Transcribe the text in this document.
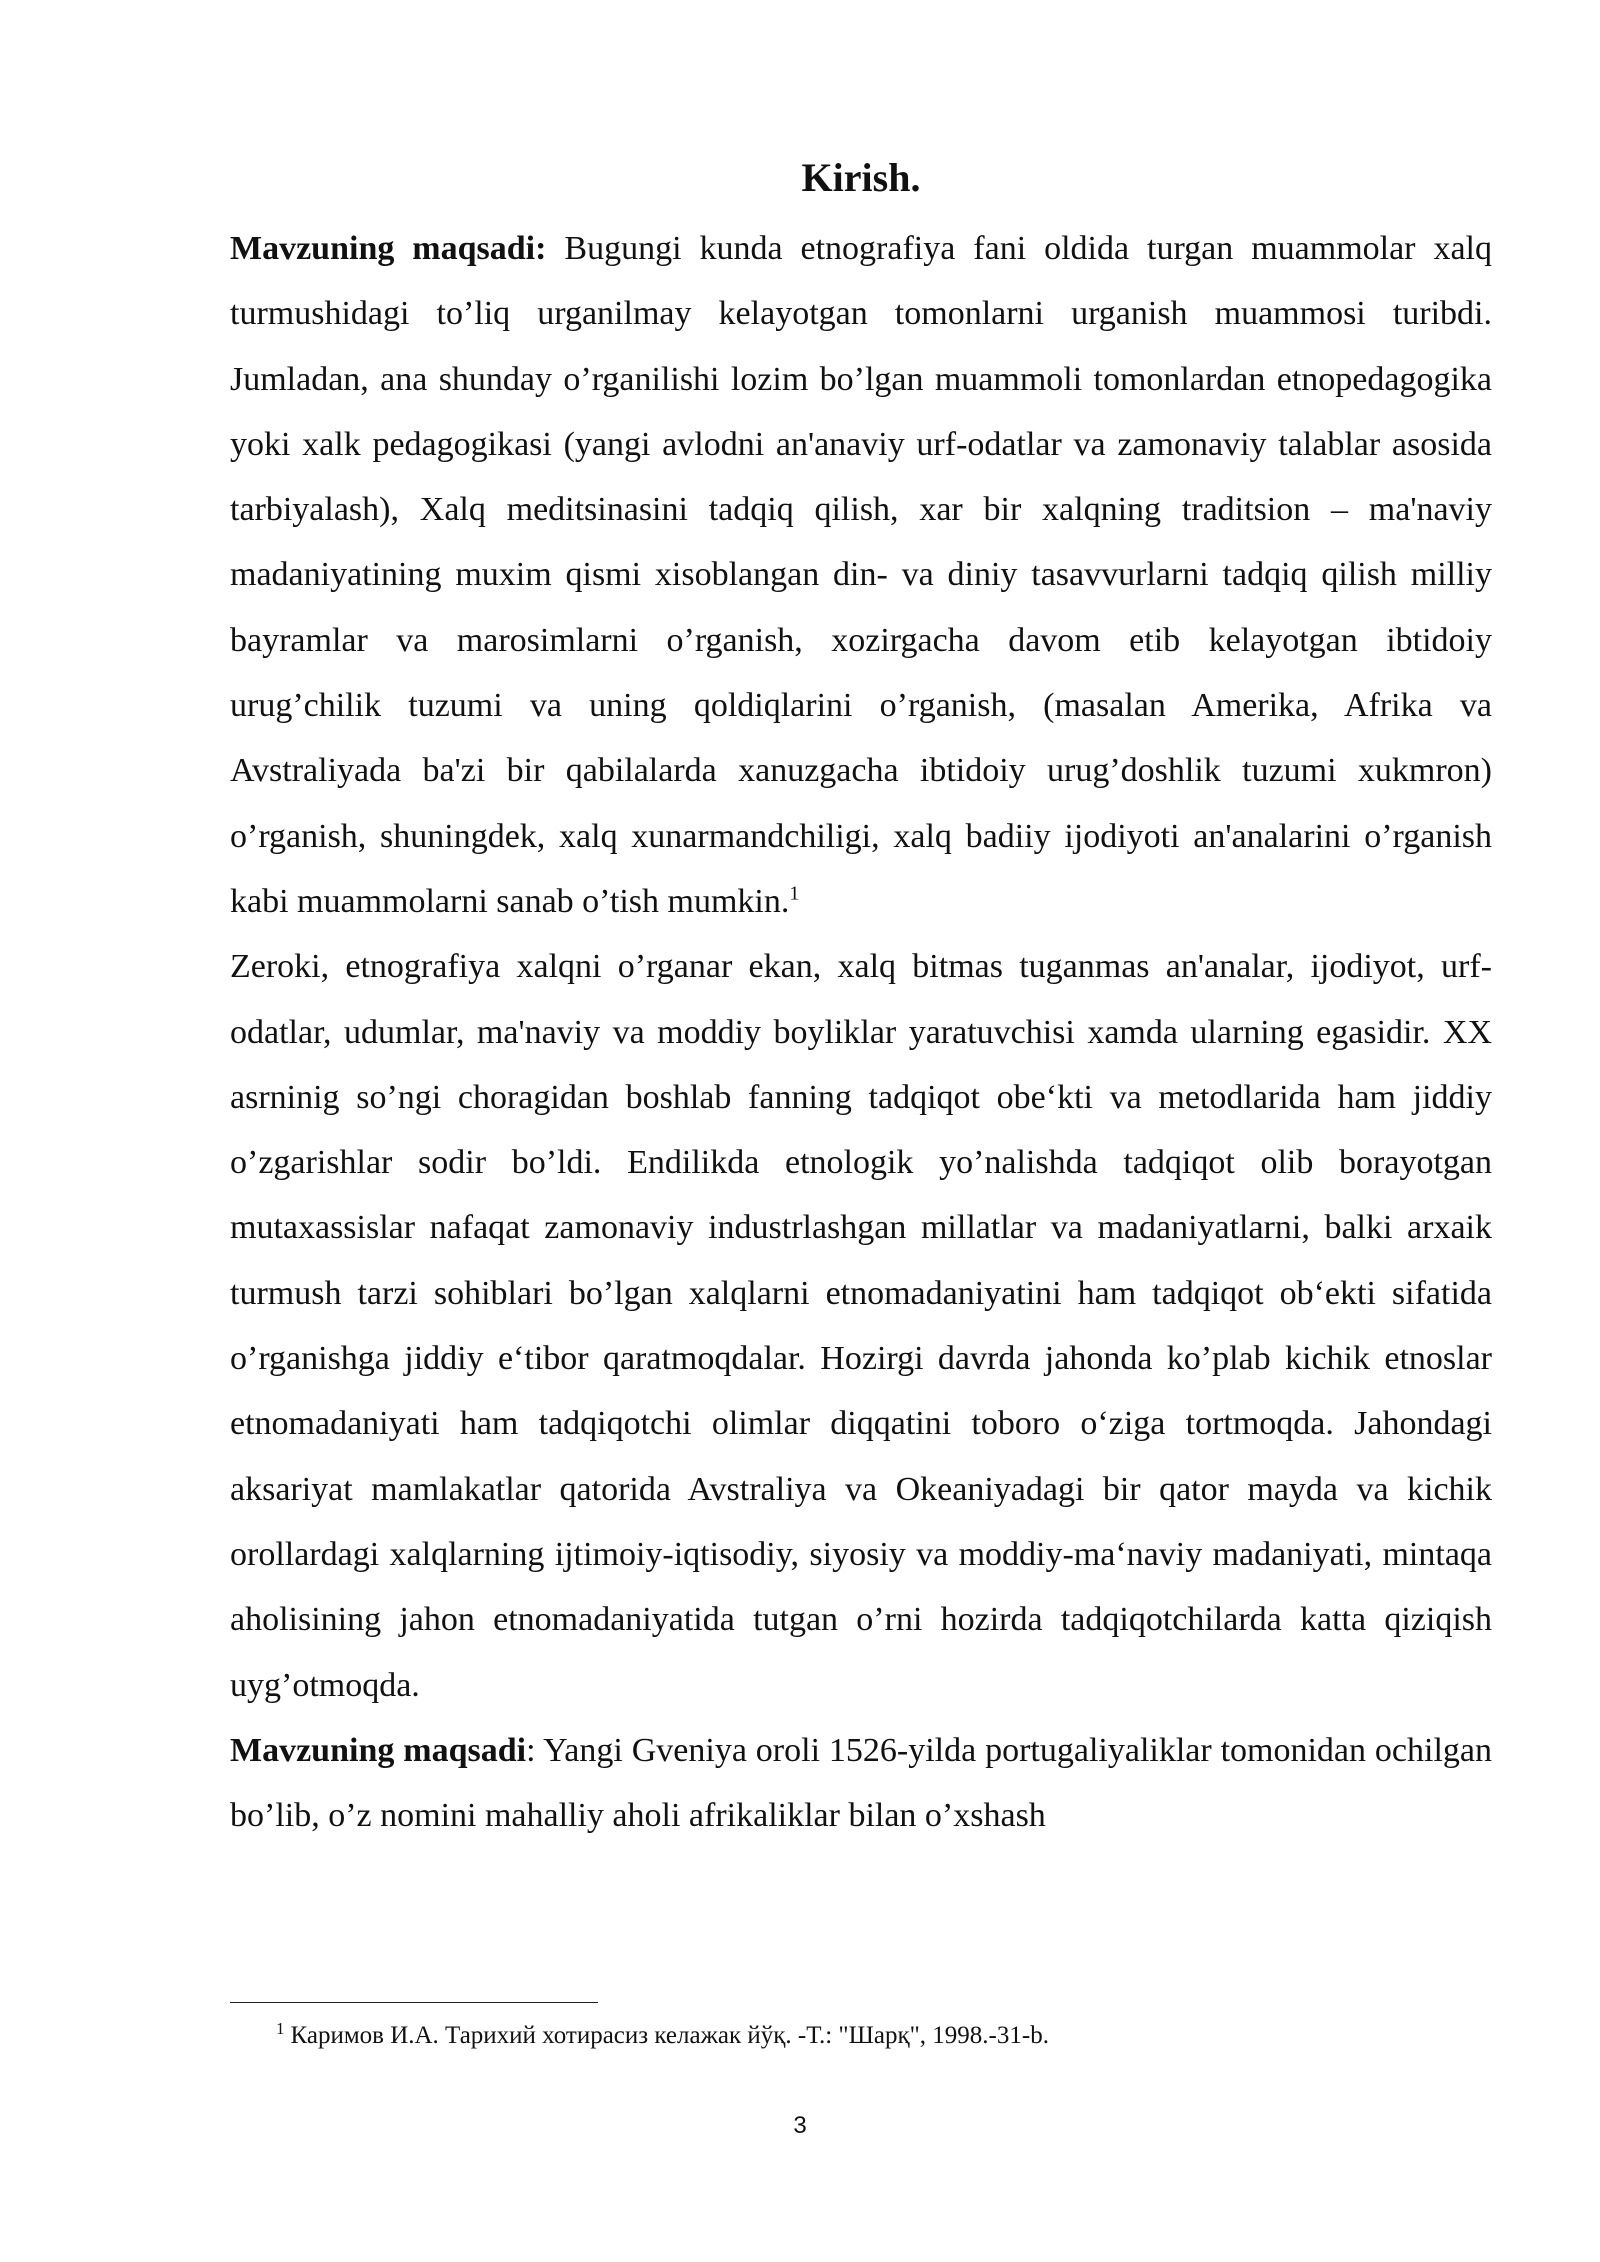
Kirish.

Mavzuning maqsadi: Bugungi kunda etnografiya fani oldida turgan muammolar xalq turmushidagi to’liq urganilmay kelayotgan tomonlarni urganish muammosi turibdi. Jumladan, ana shunday o’rganilishi lozim bo’lgan muammoli tomonlardan etnopedagogika yoki xalk pedagogikasi (yangi avlodni an'anaviy urf-odatlar va zamonaviy talablar asosida tarbiyalash), Xalq meditsinasini tadqiq qilish, xar bir xalqning traditsion – ma'naviy madaniyatining muxim qismi xisoblangan din- va diniy tasavvurlarni tadqiq qilish milliy bayramlar va marosimlarni o’rganish, xozirgacha davom etib kelayotgan ibtidoiy urug’chilik tuzumi va uning qoldiqlarini o’rganish, (masalan Amerika, Afrika va Avstraliyada ba'zi bir qabilalarda xanuzgacha ibtidoiy urug’doshlik tuzumi xukmron) o’rganish, shuningdek, xalq xunarmandchiligi, xalq badiiy ijodiyoti an'analarini o’rganish kabi muammolarni sanab o’tish mumkin.$^1$

Zeroki, etnografiya xalqni o’rganar ekan, xalq bitmas tuganmas an'analar, ijodiyot, urf-odatlar, udumlar, ma'naviy va moddiy boyliklar yaratuvchisi xamda ularning egasidir. XX asrninig so’ngi choragidan boshlab fanning tadqiqot obe‘kti va metodlarida ham jiddiy o’zgarishlar sodir bo’ldi. Endilikda etnologik yo’nalishda tadqiqot olib borayotgan mutaxassislar nafaqat zamonaviy industrlashgan millatlar va madaniyatlarni, balki arxaik turmush tarzi sohiblari bo’lgan xalqlarni etnomadaniyatini ham tadqiqot ob‘ekti sifatida o’rganishga jiddiy e‘tibor qaratmoqdalar. Hozirgi davrda jahonda ko’plab kichik etnoslar etnomadaniyati ham tadqiqotchi olimlar diqqatini toboro o‘ziga tortmoqda. Jahondagi aksariyat mamlakatlar qatorida Avstraliya va Okeaniyadagi bir qator mayda va kichik orollardagi xalqlarning ijtimoiy-iqtisodiy, siyosiy va moddiy-ma‘naviy madaniyati, mintaqa aholisining jahon etnomadaniyatida tutgan o’rni hozirda tadqiqotchilarda katta qiziqish uyg’otmoqda.

Mavzuning maqsadi: Yangi Gveniya oroli 1526-yilda portugaliyaliklar tomonidan ochilgan bo’lib, o’z nomini mahalliy aholi afrikaliklar bilan o’xshash

$^1$ Каримов И.А. Тарихий хотирасиз келажак йўқ. -Т.: "Шарқ", 1998.-31-b.
3
